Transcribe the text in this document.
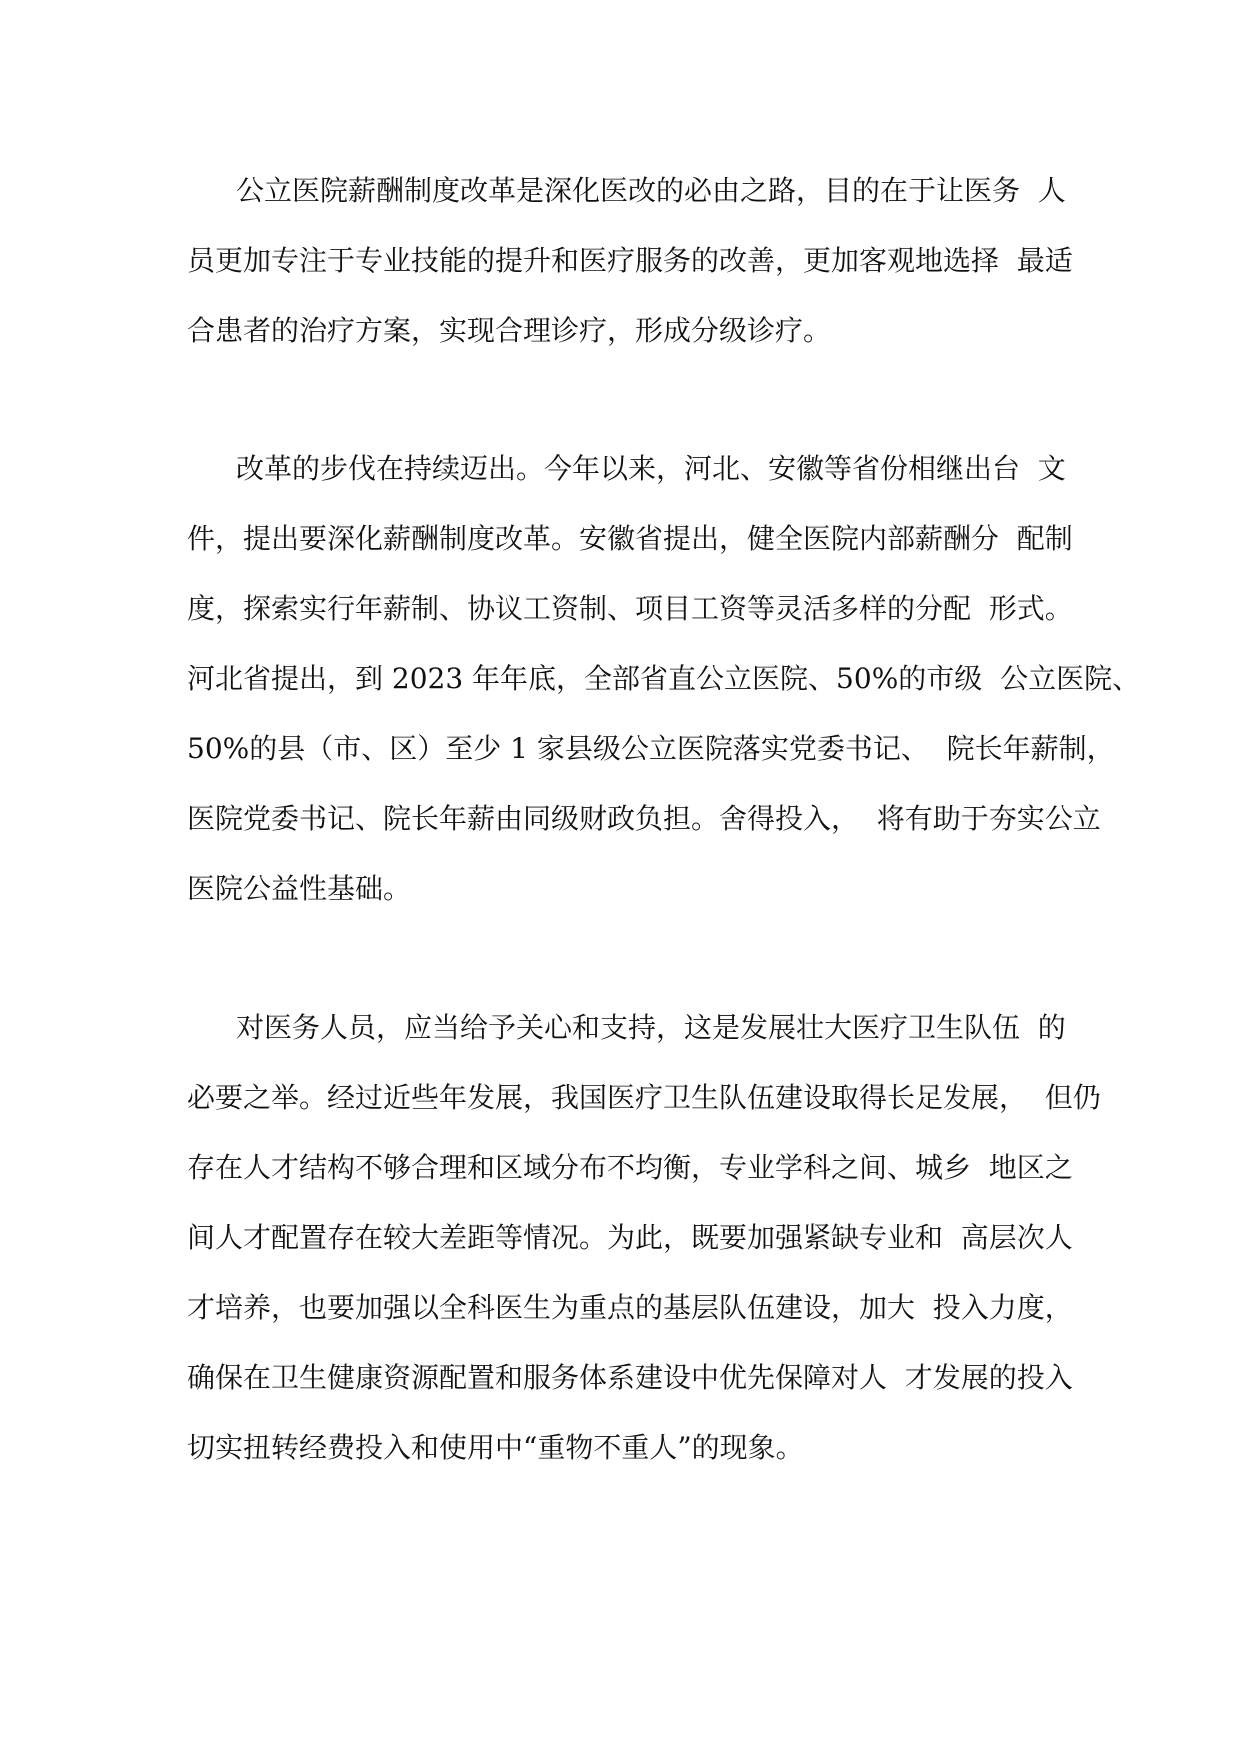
公立医院薪酬制度改革是深化医改的必由之路，目的在于让医务  人

员更加专注于专业技能的提升和医疗服务的改善，更加客观地选择  最适

合患者的治疗方案，实现合理诊疗，形成分级诊疗。

改革的步伐在持续迈出。今年以来，河北、安徽等省份相继出台  文

件，提出要深化薪酬制度改革。安徽省提出，健全医院内部薪酬分  配制

度，探索实行年薪制、协议工资制、项目工资等灵活多样的分配  形式。

河北省提出，到 2023 年年底，全部省直公立医院、50%的市级  公立医院、

50%的县（市、区）至少 1 家县级公立医院落实党委书记、  院长年薪制，

医院党委书记、院长年薪由同级财政负担。舍得投入，  将有助于夯实公立

医院公益性基础。

对医务人员，应当给予关心和支持，这是发展壮大医疗卫生队伍  的

必要之举。经过近些年发展，我国医疗卫生队伍建设取得长足发展，  但仍

存在人才结构不够合理和区域分布不均衡，专业学科之间、城乡  地区之

间人才配置存在较大差距等情况。为此，既要加强紧缺专业和  高层次人

才培养，也要加强以全科医生为重点的基层队伍建设，加大  投入力度，

确保在卫生健康资源配置和服务体系建设中优先保障对人  才发展的投入

切实扭转经费投入和使用中“重物不重人”的现象。
